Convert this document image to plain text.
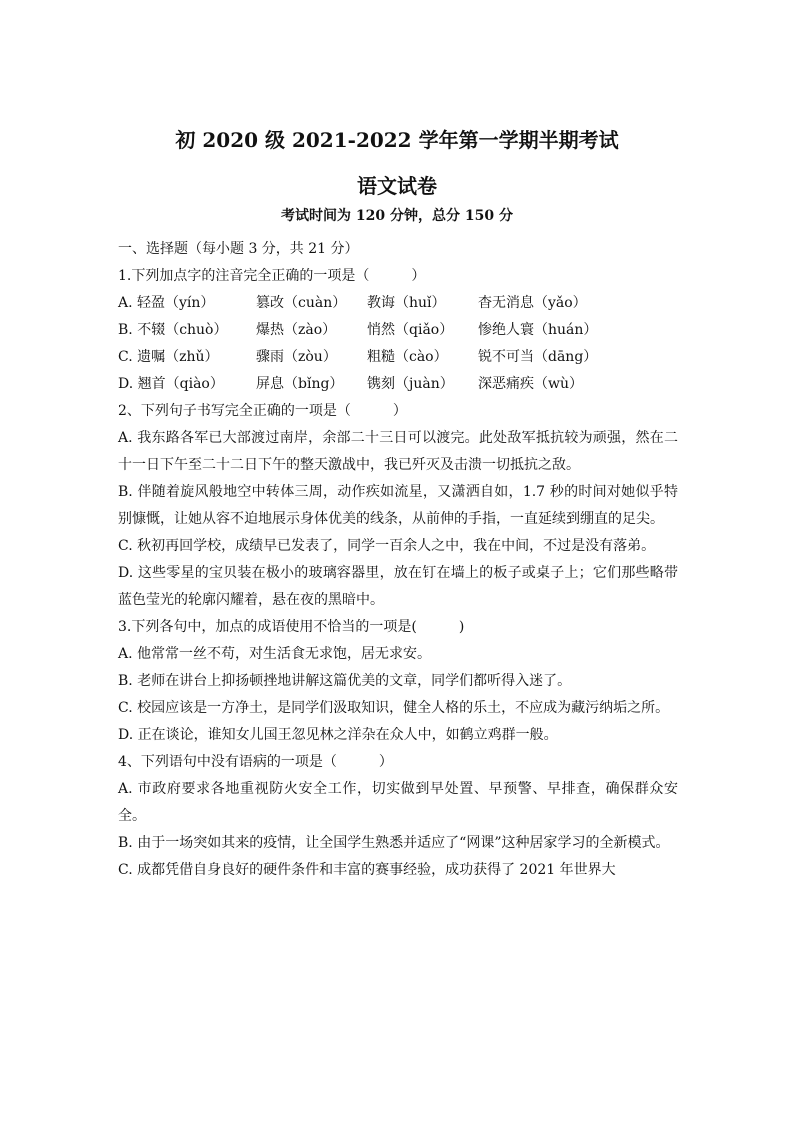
初 2020 级 2021-2022 学年第一学期半期考试
语文试卷
考试时间为 120 分钟，总分 150 分
一、选择题（每小题 3 分，共 21 分）
1.下列加点字的注音完全正确的一项是（　　　）
A. 轻盈（yín）	篡改（cuàn）	教诲（huǐ）	杳无消息（yǎo）
B. 不辍（chuò）	爆热（zào）	悄然（qiǎo）	惨绝人寰（huán）
C. 遗嘱（zhǔ）	骤雨（zòu）	粗糙（cào）	锐不可当（dāng）
D. 翘首（qiào）	屏息（bǐng）	镌刻（juàn）	深恶痛疾（wù）
2、下列句子书写完全正确的一项是（　　　）
A. 我东路各军已大部渡过南岸，余部二十三日可以渡完。此处敌军抵抗较为顽强，然在二十一日下午至二十二日下午的整天激战中，我已歼灭及击溃一切抵抗之敌。
B. 伴随着旋风般地空中转体三周，动作疾如流星，又潇洒自如，1.7 秒的时间对她似乎特别慷慨，让她从容不迫地展示身体优美的线条，从前伸的手指，一直延续到绷直的足尖。
C. 秋初再回学校，成绩早已发表了，同学一百余人之中，我在中间，不过是没有落弟。
D. 这些零星的宝贝装在极小的玻璃容器里，放在钉在墙上的板子或桌子上；它们那些略带蓝色莹光的轮廓闪耀着，悬在夜的黑暗中。
3.下列各句中，加点的成语使用不恰当的一项是(　　　)
A. 他常常一丝不苟，对生活食无求饱，居无求安。
B. 老师在讲台上抑扬顿挫地讲解这篇优美的文章，同学们都听得入迷了。
C. 校园应该是一方净土，是同学们汲取知识，健全人格的乐土，不应成为藏污纳垢之所。
D. 正在谈论，谁知女儿国王忽见林之洋杂在众人中，如鹤立鸡群一般。
4、下列语句中没有语病的一项是（　　　）
A. 市政府要求各地重视防火安全工作，切实做到早处置、早预警、早排查，确保群众安全。
B. 由于一场突如其来的疫情，让全国学生熟悉并适应了“网课”这种居家学习的全新模式。
C. 成都凭借自身良好的硬件条件和丰富的赛事经验，成功获得了 2021 年世界大
